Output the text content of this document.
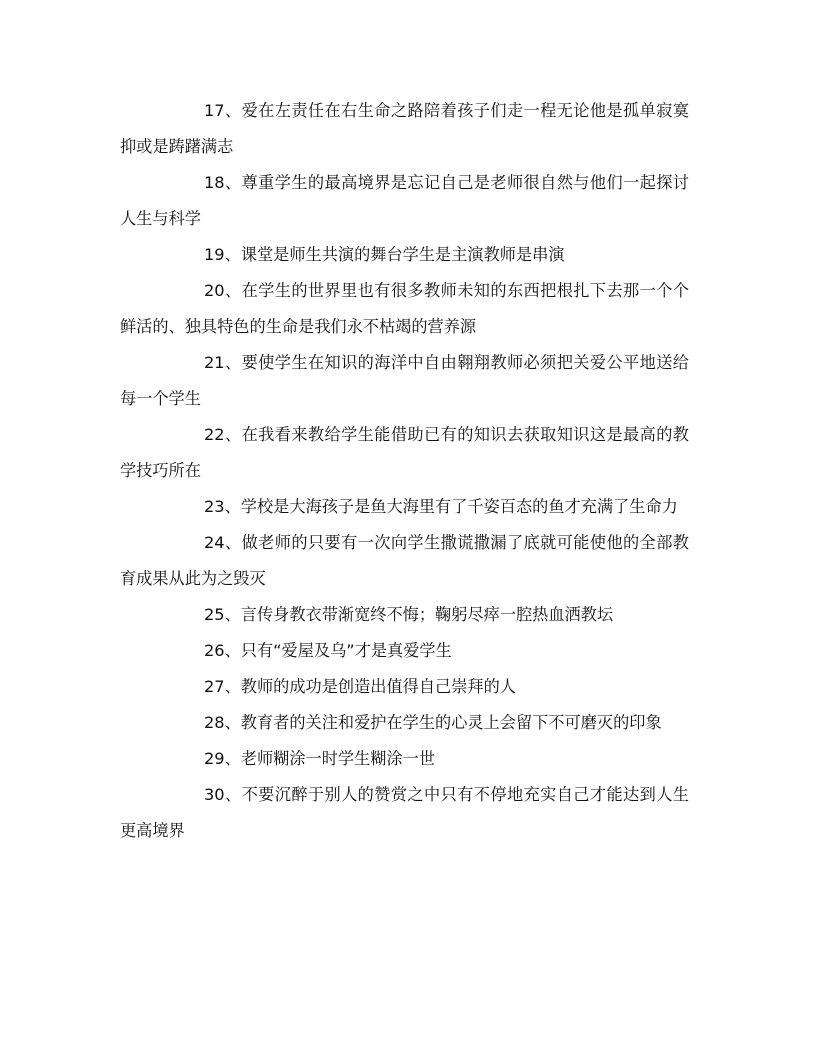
17、爱在左责任在右生命之路陪着孩子们走一程无论他是孤单寂寞抑或是踌躇满志

18、尊重学生的最高境界是忘记自己是老师很自然与他们一起探讨人生与科学

19、课堂是师生共演的舞台学生是主演教师是串演

20、在学生的世界里也有很多教师未知的东西把根扎下去那一个个鲜活的、独具特色的生命是我们永不枯竭的营养源

21、要使学生在知识的海洋中自由翱翔教师必须把关爱公平地送给每一个学生

22、在我看来教给学生能借助已有的知识去获取知识这是最高的教学技巧所在

23、学校是大海孩子是鱼大海里有了千姿百态的鱼才充满了生命力

24、做老师的只要有一次向学生撒谎撒漏了底就可能使他的全部教育成果从此为之毁灭

25、言传身教衣带渐宽终不悔；鞠躬尽瘁一腔热血洒教坛

26、只有“爱屋及乌”才是真爱学生

27、教师的成功是创造出值得自己崇拜的人

28、教育者的关注和爱护在学生的心灵上会留下不可磨灭的印象

29、老师糊涂一时学生糊涂一世

30、不要沉醉于别人的赞赏之中只有不停地充实自己才能达到人生更高境界
